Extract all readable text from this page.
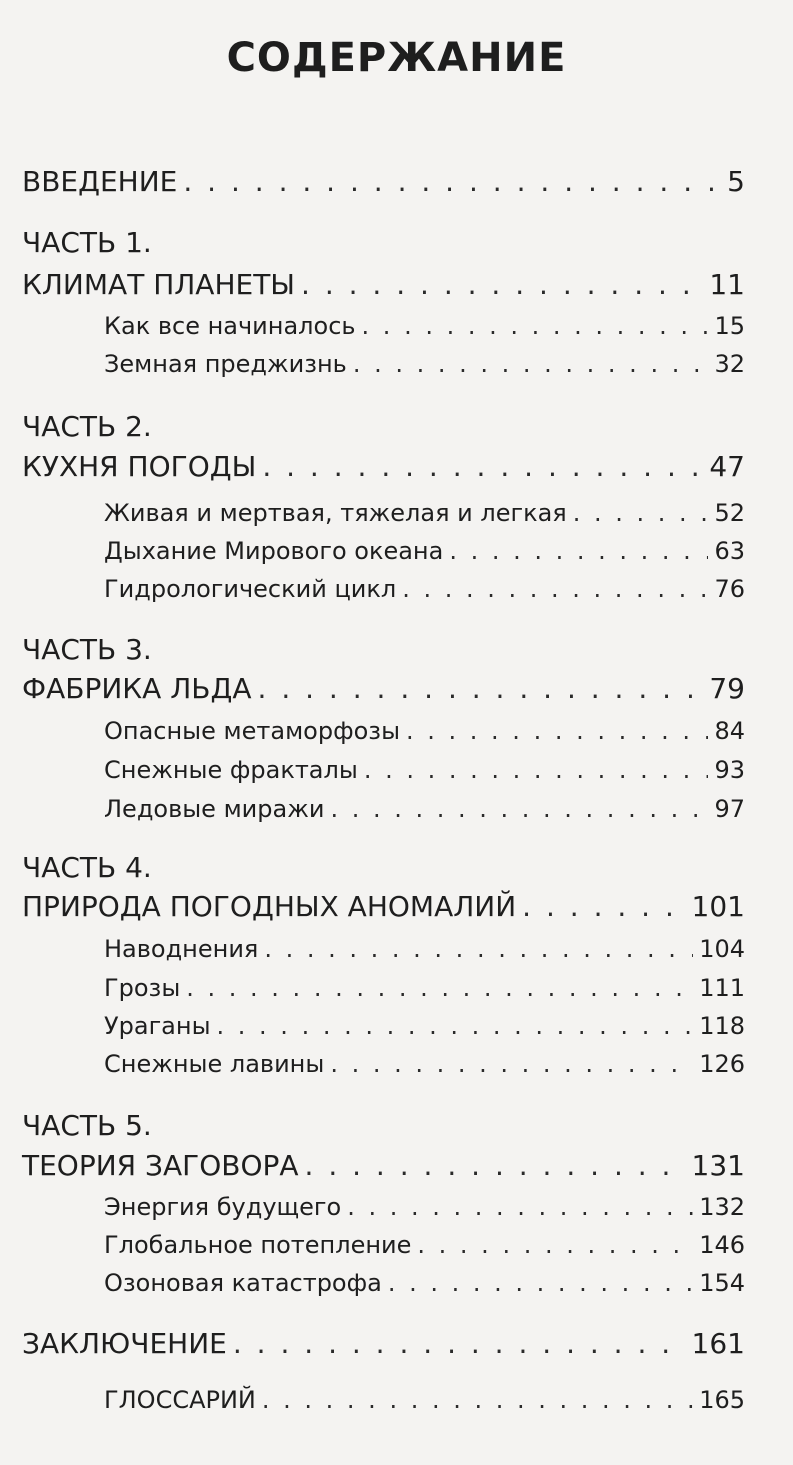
СОДЕРЖАНИЕ
ВВЕДЕНИЕ . . .	5
ЧАСТЬ 1.
КЛИМАТ ПЛАНЕТЫ . . .	11
Как все начиналось . . .	15
Земная преджизнь . . .	32
ЧАСТЬ 2.
КУХНЯ ПОГОДЫ . . .	47
Живая и мертвая, тяжелая и легкая . . .	52
Дыхание Мирового океана . . .	63
Гидрологический цикл . . .	76
ЧАСТЬ 3.
ФАБРИКА ЛЬДА . . .	79
Опасные метаморфозы . . .	84
Снежные фракталы . . .	93
Ледовые миражи . . .	97
ЧАСТЬ 4.
ПРИРОДА ПОГОДНЫХ АНОМАЛИЙ . . .	101
Наводнения . . .	104
Грозы . . .	111
Ураганы . . .	118
Снежные лавины . . .	126
ЧАСТЬ 5.
ТЕОРИЯ ЗАГОВОРА . . .	131
Энергия будущего . . .	132
Глобальное потепление . . .	146
Озоновая катастрофа . . .	154
ЗАКЛЮЧЕНИЕ . . .	161
ГЛОССАРИЙ . . .	165
